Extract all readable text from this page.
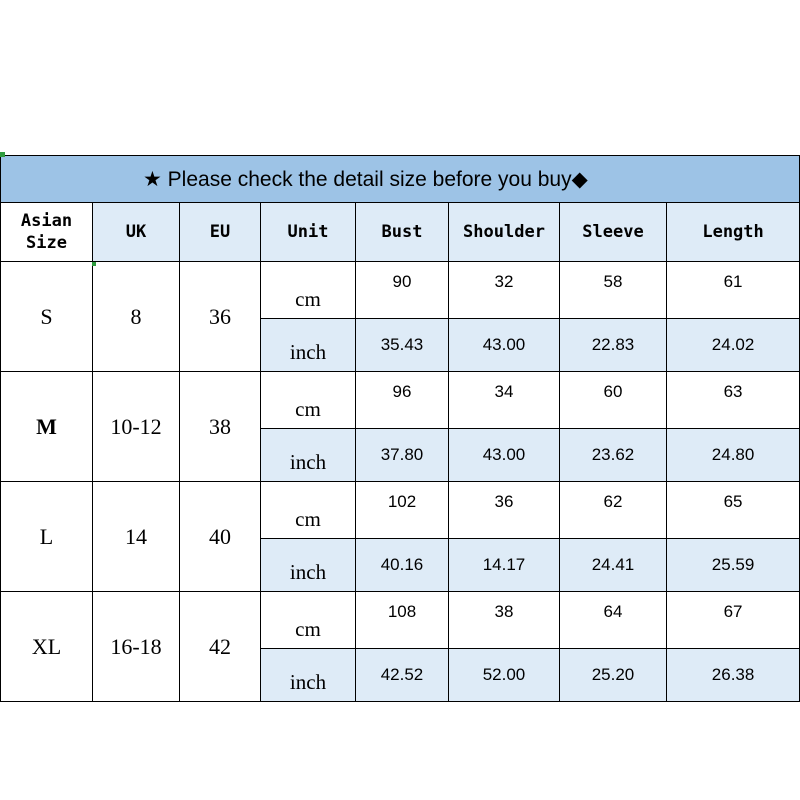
★ Please check the detail size before you buy◆							

Asian
Size	UK	EU	Unit	Bust	Shoulder	Sleeve	Length
S	8	36	cm	90	32	58	61
			inch	35.43	43.00	22.83	24.02
M	10-12	38	cm	96	34	60	63
			inch	37.80	43.00	23.62	24.80
L	14	40	cm	102	36	62	65
			inch	40.16	14.17	24.41	25.59
XL	16-18	42	cm	108	38	64	67
			inch	42.52	52.00	25.20	26.38
